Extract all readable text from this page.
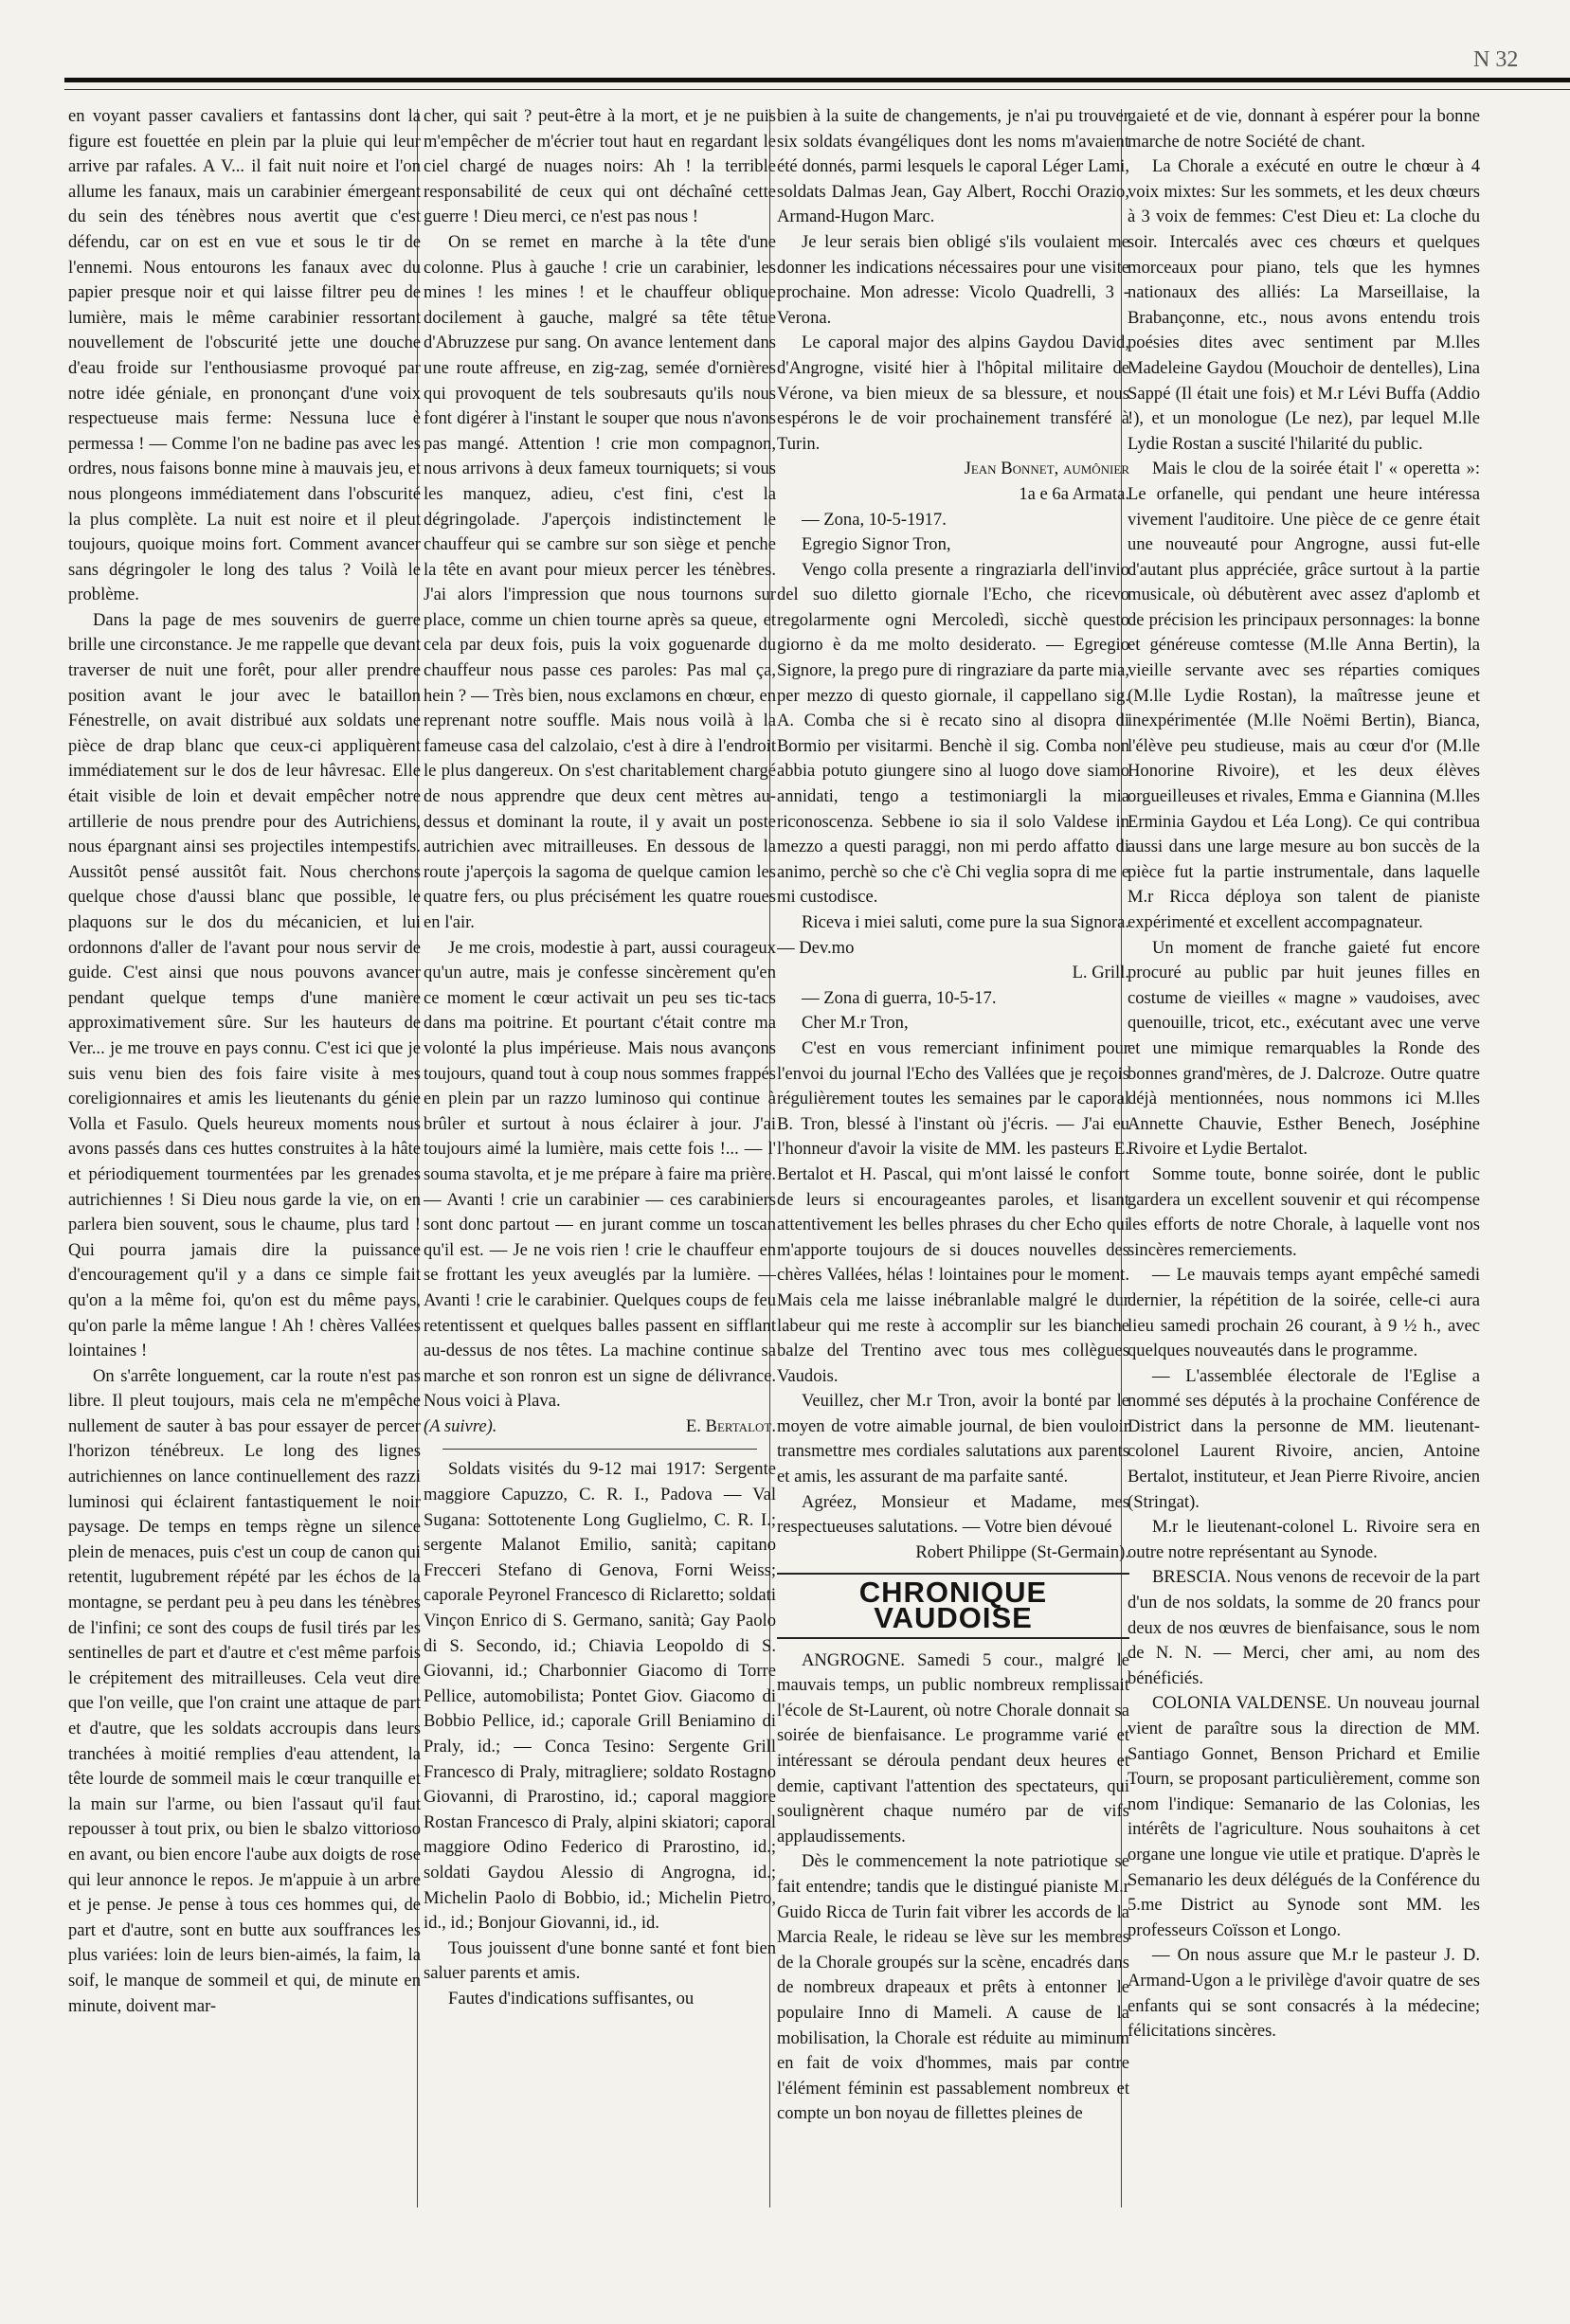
N 32

en voyant passer cavaliers et fantassins dont la figure est fouettée en plein par la pluie qui leur arrive par rafales. A V... il fait nuit noire et l'on allume les fanaux, mais un carabinier émergeant du sein des ténèbres nous avertit que c'est défendu, car on est en vue et sous le tir de l'ennemi. Nous entourons les fanaux avec du papier presque noir et qui laisse filtrer peu de lumière, mais le même carabinier ressortant nouvellement de l'obscurité jette une douche d'eau froide sur l'enthousiasme provoqué par notre idée géniale, en prononçant d'une voix respectueuse mais ferme: Nessuna luce è permessa ! — Comme l'on ne badine pas avec les ordres, nous faisons bonne mine à mauvais jeu, et nous plongeons immédiatement dans l'obscurité la plus complète. La nuit est noire et il pleut toujours, quoique moins fort. Comment avancer sans dégringoler le long des talus ? Voilà le problème.

Dans la page de mes souvenirs de guerre brille une circonstance. Je me rappelle que devant traverser de nuit une forêt, pour aller prendre position avant le jour avec le bataillon Fénestrelle, on avait distribué aux soldats une pièce de drap blanc que ceux-ci appliquèrent immédiatement sur le dos de leur hâvresac. Elle était visible de loin et devait empêcher notre artillerie de nous prendre pour des Autrichiens, nous épargnant ainsi ses projectiles intempestifs. Aussitôt pensé aussitôt fait. Nous cherchons quelque chose d'aussi blanc que possible, le plaquons sur le dos du mécanicien, et lui ordonnons d'aller de l'avant pour nous servir de guide. C'est ainsi que nous pouvons avancer pendant quelque temps d'une manière approximativement sûre. Sur les hauteurs de Ver... je me trouve en pays connu. C'est ici que je suis venu bien des fois faire visite à mes coreligionnaires et amis les lieutenants du génie Volla et Fasulo. Quels heureux moments nous avons passés dans ces huttes construites à la hâte et périodiquement tourmentées par les grenades autrichiennes ! Si Dieu nous garde la vie, on en parlera bien souvent, sous le chaume, plus tard ! Qui pourra jamais dire la puissance d'encouragement qu'il y a dans ce simple fait qu'on a la même foi, qu'on est du même pays, qu'on parle la même langue ! Ah ! chères Vallées lointaines !

On s'arrête longuement, car la route n'est pas libre. Il pleut toujours, mais cela ne m'empêche nullement de sauter à bas pour essayer de percer l'horizon ténébreux. Le long des lignes autrichiennes on lance continuellement des razzi luminosi qui éclairent fantastiquement le noir paysage. De temps en temps règne un silence plein de menaces, puis c'est un coup de canon qui retentit, lugubrement répété par les échos de la montagne, se perdant peu à peu dans les ténèbres de l'infini; ce sont des coups de fusil tirés par les sentinelles de part et d'autre et c'est même parfois le crépitement des mitrailleuses. Cela veut dire que l'on veille, que l'on craint une attaque de part et d'autre, que les soldats accroupis dans leurs tranchées à moitié remplies d'eau attendent, la tête lourde de sommeil mais le cœur tranquille et la main sur l'arme, ou bien l'assaut qu'il faut repousser à tout prix, ou bien le sbalzo vittorioso en avant, ou bien encore l'aube aux doigts de rose qui leur annonce le repos. Je m'appuie à un arbre et je pense. Je pense à tous ces hommes qui, de part et d'autre, sont en butte aux souffrances les plus variées: loin de leurs bien-aimés, la faim, la soif, le manque de sommeil et qui, de minute en minute, doivent mar-

cher, qui sait ? peut-être à la mort, et je ne puis m'empêcher de m'écrier tout haut en regardant le ciel chargé de nuages noirs: Ah ! la terrible responsabilité de ceux qui ont déchaîné cette guerre ! Dieu merci, ce n'est pas nous !

On se remet en marche à la tête d'une colonne. Plus à gauche ! crie un carabinier, les mines ! les mines ! et le chauffeur oblique docilement à gauche, malgré sa tête têtue d'Abruzzese pur sang. On avance lentement dans une route affreuse, en zig-zag, semée d'ornières qui provoquent de tels soubresauts qu'ils nous font digérer à l'instant le souper que nous n'avons pas mangé. Attention ! crie mon compagnon, nous arrivons à deux fameux tourniquets; si vous les manquez, adieu, c'est fini, c'est la dégringolade. J'aperçois indistinctement le chauffeur qui se cambre sur son siège et penche la tête en avant pour mieux percer les ténèbres. J'ai alors l'impression que nous tournons sur place, comme un chien tourne après sa queue, et cela par deux fois, puis la voix goguenarde du chauffeur nous passe ces paroles: Pas mal ça, hein ? — Très bien, nous exclamons en chœur, en reprenant notre souffle. Mais nous voilà à la fameuse casa del calzolaio, c'est à dire à l'endroit le plus dangereux. On s'est charitablement chargé de nous apprendre que deux cent mètres au-dessus et dominant la route, il y avait un poste autrichien avec mitrailleuses. En dessous de la route j'aperçois la sagoma de quelque camion les quatre fers, ou plus précisément les quatre roues en l'air.

Je me crois, modestie à part, aussi courageux qu'un autre, mais je confesse sincèrement qu'en ce moment le cœur activait un peu ses tic-tacs dans ma poitrine. Et pourtant c'était contre ma volonté la plus impérieuse. Mais nous avançons toujours, quand tout à coup nous sommes frappés en plein par un razzo luminoso qui continue à brûler et surtout à nous éclairer à jour. J'ai toujours aimé la lumière, mais cette fois !... — l' souma stavolta, et je me prépare à faire ma prière. — Avanti ! crie un carabinier — ces carabiniers sont donc partout — en jurant comme un toscan qu'il est. — Je ne vois rien ! crie le chauffeur en se frottant les yeux aveuglés par la lumière. — Avanti ! crie le carabinier. Quelques coups de feu retentissent et quelques balles passent en sifflant au-dessus de nos têtes. La machine continue sa marche et son ronron est un signe de délivrance. Nous voici à Plava.

(A suivre).	E. Bertalot.

Soldats visités du 9-12 mai 1917: Sergente maggiore Capuzzo, C. R. I., Padova — Val Sugana: Sottotenente Long Guglielmo, C. R. I.; sergente Malanot Emilio, sanità; capitano Frecceri Stefano di Genova, Forni Weiss; caporale Peyronel Francesco di Riclaretto; soldati Vinçon Enrico di S. Germano, sanità; Gay Paolo di S. Secondo, id.; Chiavia Leopoldo di S. Giovanni, id.; Charbonnier Giacomo di Torre Pellice, automobilista; Pontet Giov. Giacomo di Bobbio Pellice, id.; caporale Grill Beniamino di Praly, id.; — Conca Tesino: Sergente Grill Francesco di Praly, mitragliere; soldato Rostagno Giovanni, di Prarostino, id.; caporal maggiore Rostan Francesco di Praly, alpini skiatori; caporal maggiore Odino Federico di Prarostino, id.; soldati Gaydou Alessio di Angrogna, id.; Michelin Paolo di Bobbio, id.; Michelin Pietro, id., id.; Bonjour Giovanni, id., id.

Tous jouissent d'une bonne santé et font bien saluer parents et amis.

Fautes d'indications suffisantes, ou

bien à la suite de changements, je n'ai pu trouver six soldats évangéliques dont les noms m'avaient été donnés, parmi lesquels le caporal Léger Lami, soldats Dalmas Jean, Gay Albert, Rocchi Orazio, Armand-Hugon Marc.

Je leur serais bien obligé s'ils voulaient me donner les indications nécessaires pour une visite prochaine. Mon adresse: Vicolo Quadrelli, 3 - Verona.

Le caporal major des alpins Gaydou David, d'Angrogne, visité hier à l'hôpital militaire de Vérone, va bien mieux de sa blessure, et nous espérons le de voir prochainement transféré à Turin.

Jean Bonnet, aumônier

1a e 6a Armata.

— Zona, 10-5-1917.

Egregio Signor Tron,

Vengo colla presente a ringraziarla dell'invio del suo diletto giornale l'Echo, che ricevo regolarmente ogni Mercoledì, sicchè questo giorno è da me molto desiderato. — Egregio Signore, la prego pure di ringraziare da parte mia, per mezzo di questo giornale, il cappellano sig. A. Comba che si è recato sino al disopra di Bormio per visitarmi. Benchè il sig. Comba non abbia potuto giungere sino al luogo dove siamo annidati, tengo a testimoniargli la mia riconoscenza. Sebbene io sia il solo Valdese in mezzo a questi paraggi, non mi perdo affatto di animo, perchè so che c'è Chi veglia sopra di me e mi custodisce.

Riceva i miei saluti, come pure la sua Signora. — Dev.mo

L. Grill.

— Zona di guerra, 10-5-17.

Cher M.r Tron,

C'est en vous remerciant infiniment pour l'envoi du journal l'Echo des Vallées que je reçois régulièrement toutes les semaines par le caporal B. Tron, blessé à l'instant où j'écris. — J'ai eu l'honneur d'avoir la visite de MM. les pasteurs E. Bertalot et H. Pascal, qui m'ont laissé le confort de leurs si encourageantes paroles, et lisant attentivement les belles phrases du cher Echo qui m'apporte toujours de si douces nouvelles des chères Vallées, hélas ! lointaines pour le moment. Mais cela me laisse inébranlable malgré le dur labeur qui me reste à accomplir sur les bianche balze del Trentino avec tous mes collègues Vaudois.

Veuillez, cher M.r Tron, avoir la bonté par le moyen de votre aimable journal, de bien vouloir transmettre mes cordiales salutations aux parents et amis, les assurant de ma parfaite santé.

Agréez, Monsieur et Madame, mes respectueuses salutations. — Votre bien dévoué

Robert Philippe (St-Germain).

CHRONIQUE VAUDOISE

ANGROGNE. Samedi 5 cour., malgré le mauvais temps, un public nombreux remplissait l'école de St-Laurent, où notre Chorale donnait sa soirée de bienfaisance. Le programme varié et intéressant se déroula pendant deux heures et demie, captivant l'attention des spectateurs, qui soulignèrent chaque numéro par de vifs applaudissements.

Dès le commencement la note patriotique se fait entendre; tandis que le distingué pianiste M.r Guido Ricca de Turin fait vibrer les accords de la Marcia Reale, le rideau se lève sur les membres de la Chorale groupés sur la scène, encadrés dans de nombreux drapeaux et prêts à entonner le populaire Inno di Mameli. A cause de la mobilisation, la Chorale est réduite au miminum en fait de voix d'hommes, mais par contre l'élément féminin est passablement nombreux et compte un bon noyau de fillettes pleines de

gaieté et de vie, donnant à espérer pour la bonne marche de notre Société de chant.

La Chorale a exécuté en outre le chœur à 4 voix mixtes: Sur les sommets, et les deux chœurs à 3 voix de femmes: C'est Dieu et: La cloche du soir. Intercalés avec ces chœurs et quelques morceaux pour piano, tels que les hymnes nationaux des alliés: La Marseillaise, la Brabançonne, etc., nous avons entendu trois poésies dites avec sentiment par M.lles Madeleine Gaydou (Mouchoir de dentelles), Lina Sappé (Il était une fois) et M.r Lévi Buffa (Addio !), et un monologue (Le nez), par lequel M.lle Lydie Rostan a suscité l'hilarité du public.

Mais le clou de la soirée était l' « operetta »: Le orfanelle, qui pendant une heure intéressa vivement l'auditoire. Une pièce de ce genre était une nouveauté pour Angrogne, aussi fut-elle d'autant plus appréciée, grâce surtout à la partie musicale, où débutèrent avec assez d'aplomb et de précision les principaux personnages: la bonne et généreuse comtesse (M.lle Anna Bertin), la vieille servante avec ses réparties comiques (M.lle Lydie Rostan), la maîtresse jeune et inexpérimentée (M.lle Noëmi Bertin), Bianca, l'élève peu studieuse, mais au cœur d'or (M.lle Honorine Rivoire), et les deux élèves orgueilleuses et rivales, Emma e Giannina (M.lles Erminia Gaydou et Léa Long). Ce qui contribua aussi dans une large mesure au bon succès de la pièce fut la partie instrumentale, dans laquelle M.r Ricca déploya son talent de pianiste expérimenté et excellent accompagnateur.

Un moment de franche gaieté fut encore procuré au public par huit jeunes filles en costume de vieilles « magne » vaudoises, avec quenouille, tricot, etc., exécutant avec une verve et une mimique remarquables la Ronde des bonnes grand'mères, de J. Dalcroze. Outre quatre déjà mentionnées, nous nommons ici M.lles Annette Chauvie, Esther Benech, Joséphine Rivoire et Lydie Bertalot.

Somme toute, bonne soirée, dont le public gardera un excellent souvenir et qui récompense les efforts de notre Chorale, à laquelle vont nos sincères remerciements.

— Le mauvais temps ayant empêché samedi dernier, la répétition de la soirée, celle-ci aura lieu samedi prochain 26 courant, à 9 ½ h., avec quelques nouveautés dans le programme.

— L'assemblée électorale de l'Eglise a nommé ses députés à la prochaine Conférence de District dans la personne de MM. lieutenant-colonel Laurent Rivoire, ancien, Antoine Bertalot, instituteur, et Jean Pierre Rivoire, ancien (Stringat).

M.r le lieutenant-colonel L. Rivoire sera en outre notre représentant au Synode.

BRESCIA. Nous venons de recevoir de la part d'un de nos soldats, la somme de 20 francs pour deux de nos œuvres de bienfaisance, sous le nom de N. N. — Merci, cher ami, au nom des bénéficiés.

COLONIA VALDENSE. Un nouveau journal vient de paraître sous la direction de MM. Santiago Gonnet, Benson Prichard et Emilie Tourn, se proposant particulièrement, comme son nom l'indique: Semanario de las Colonias, les intérêts de l'agriculture. Nous souhaitons à cet organe une longue vie utile et pratique. D'après le Semanario les deux délégués de la Conférence du 5.me District au Synode sont MM. les professeurs Coïsson et Longo.

— On nous assure que M.r le pasteur J. D. Armand-Ugon a le privilège d'avoir quatre de ses enfants qui se sont consacrés à la médecine; félicitations sincères.
